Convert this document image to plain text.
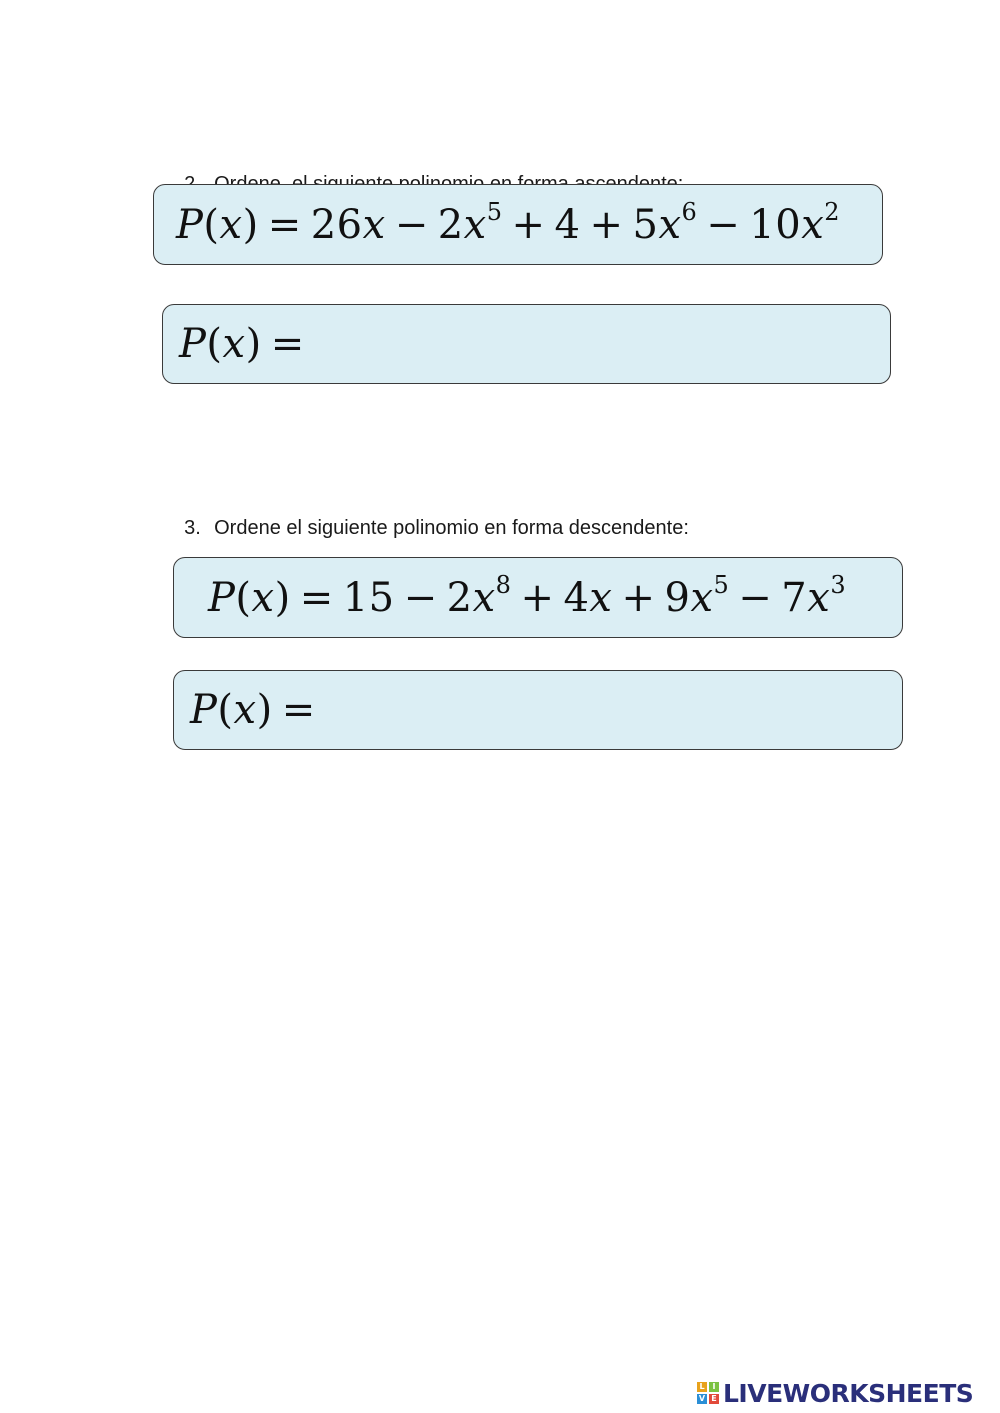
$P(x) = 26x - 2x^5 + 4 + 5x^6 - 10x^2$
P(x) =

3. Ordene el siguiente polinomio en forma descendente:

$P(x) = 15 - 2x^8 + 4x + 9x^5 - 7x^3$
P(x) =
L I
V E LIVEWORKSHEETS
